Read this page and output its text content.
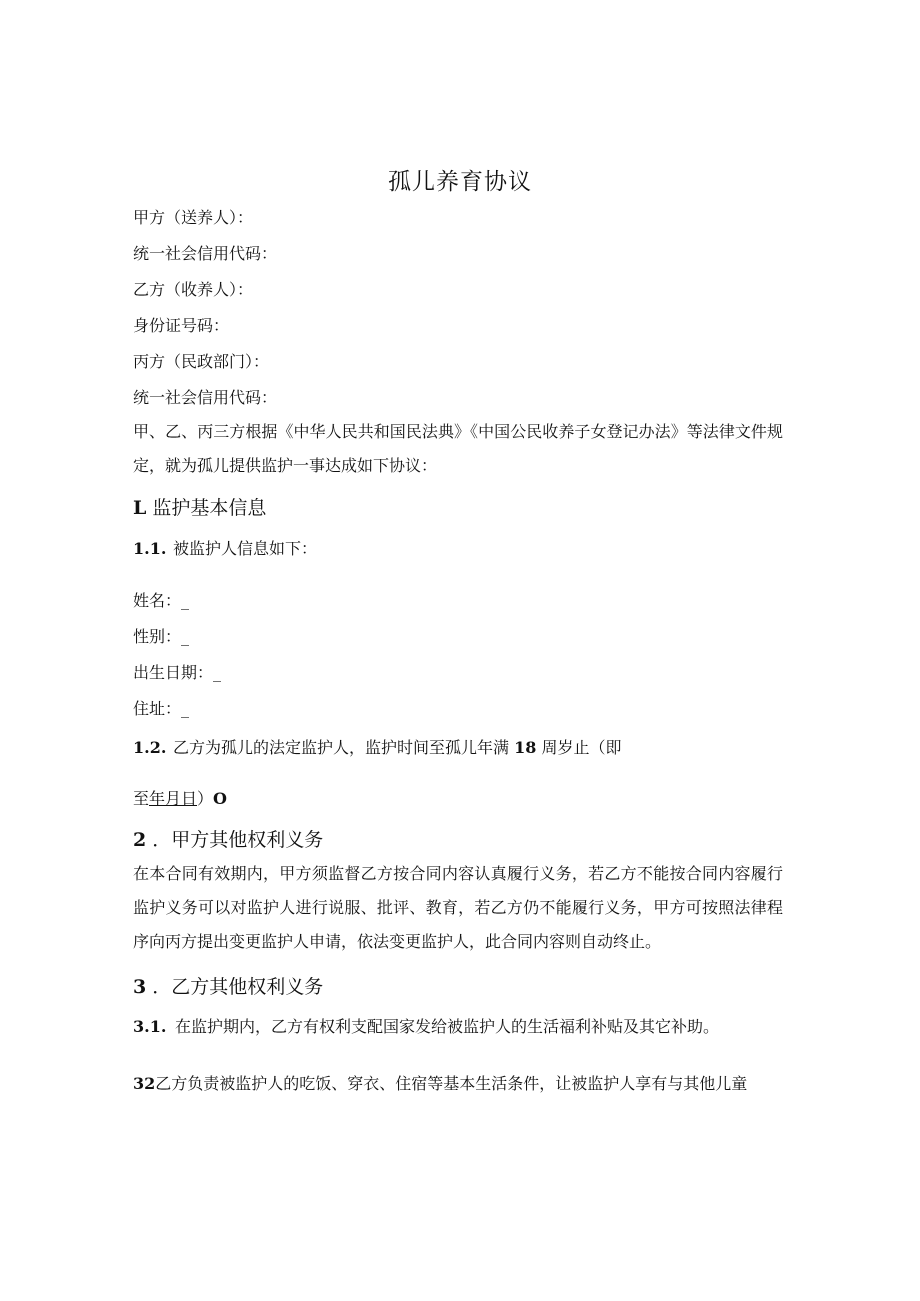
孤儿养育协议
甲方（送养人）：
统一社会信用代码：
乙方（收养人）：
身份证号码：
丙方（民政部门）：
统一社会信用代码：
甲、乙、丙三方根据《中华人民共和国民法典》《中国公民收养子女登记办法》等法律文件规定，就为孤儿提供监护一事达成如下协议：
L 监护基本信息
1.1. 被监护人信息如下：
姓名：_
性别：_
出生日期：_
住址：_
1.2. 乙方为孤儿的法定监护人，监护时间至孤儿年满 18 周岁止（即
至年月日）O
2 ．甲方其他权利义务
在本合同有效期内，甲方须监督乙方按合同内容认真履行义务，若乙方不能按合同内容履行监护义务可以对监护人进行说服、批评、教育，若乙方仍不能履行义务，甲方可按照法律程序向丙方提出变更监护人申请，依法变更监护人，此合同内容则自动终止。
3 ．乙方其他权利义务
3.1. 在监护期内，乙方有权利支配国家发给被监护人的生活福利补贴及其它补助。
32乙方负责被监护人的吃饭、穿衣、住宿等基本生活条件，让被监护人享有与其他儿童
